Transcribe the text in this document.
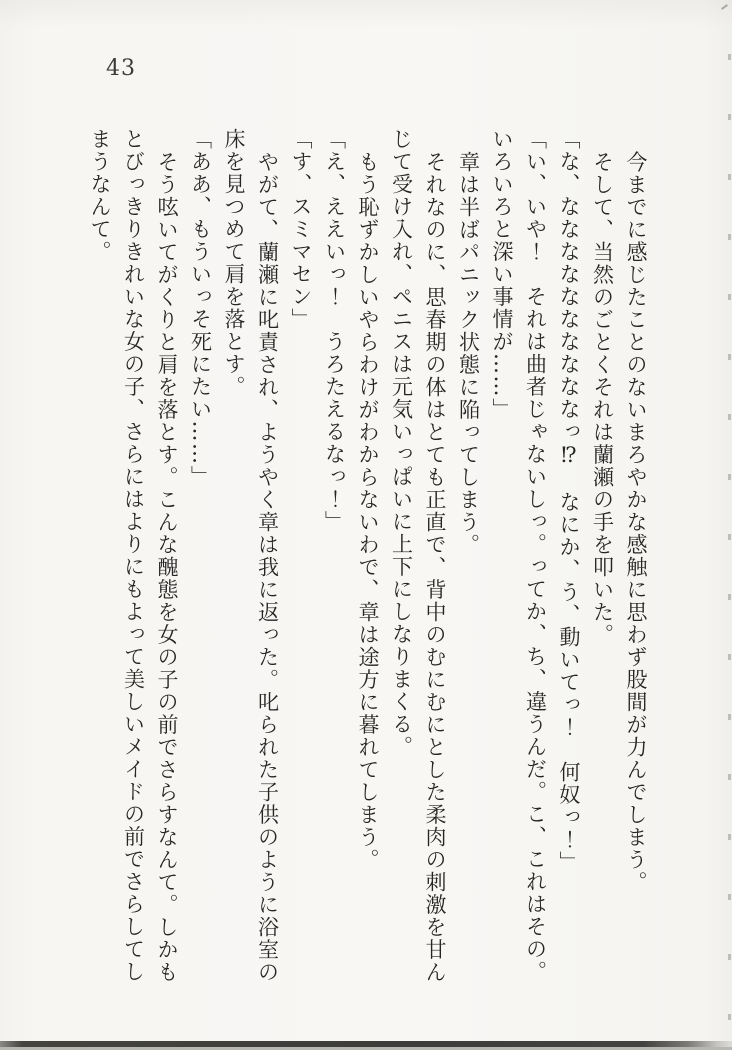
43

今までに感じたことのないまろやかな感触に思わず股間が力んでしまう。

そして、当然のごとくそれは蘭瀬の手を叩いた。

「な、ななななななななななっ⁉　なにか、う、動いてっ！　何奴っ！」

「い、いや！　それは曲者じゃないしっ。ってか、ち、違うんだ。こ、これはその。いろいろと深い事情が……」

章は半ばパニック状態に陥ってしまう。

それなのに、思春期の体はとても正直で、背中のむにむにとした柔肉の刺激を甘んじて受け入れ、ペニスは元気いっぱいに上下にしなりまくる。

もう恥ずかしいやらわけがわからないわで、章は途方に暮れてしまう。

「え、ええいっ！　うろたえるなっ！」

「す、スミマセン」

やがて、蘭瀬に叱責され、ようやく章は我に返った。叱られた子供のように浴室の床を見つめて肩を落とす。

「ああ、もういっそ死にたい……」

そう呟いてがくりと肩を落とす。こんな醜態を女の子の前でさらすなんて。しかもとびっきりきれいな女の子、さらにはよりにもよって美しいメイドの前でさらしてしまうなんて。
